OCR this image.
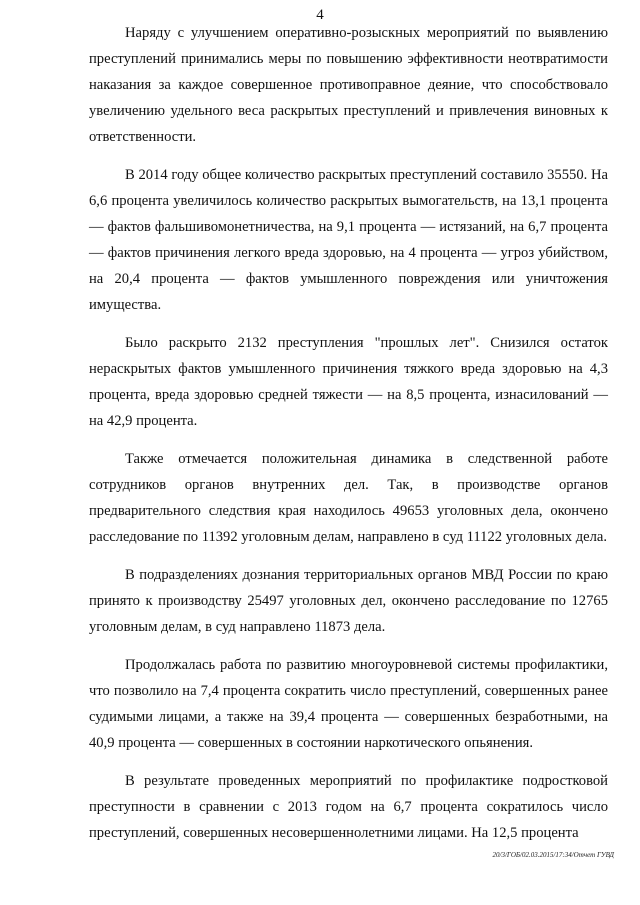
4

Наряду с улучшением оперативно-розыскных мероприятий по выявлению преступлений принимались меры по повышению эффективности неотвратимости наказания за каждое совершенное противоправное деяние, что способствовало увеличению удельного веса раскрытых преступлений и привлечения виновных к ответственности.

В 2014 году общее количество раскрытых преступлений составило 35550. На 6,6 процента увеличилось количество раскрытых вымогательств, на 13,1 процента — фактов фальшивомонетничества, на 9,1 процента — истязаний, на 6,7 процента — фактов причинения легкого вреда здоровью, на 4 процента — угроз убийством, на 20,4 процента — фактов умышленного повреждения или уничтожения имущества.

Было раскрыто 2132 преступления "прошлых лет". Снизился остаток нераскрытых фактов умышленного причинения тяжкого вреда здоровью на 4,3 процента, вреда здоровью средней тяжести — на 8,5 процента, изнасилований — на 42,9 процента.

Также отмечается положительная динамика в следственной работе сотрудников органов внутренних дел. Так, в производстве органов предварительного следствия края находилось 49653 уголовных дела, окончено расследование по 11392 уголовным делам, направлено в суд 11122 уголовных дела.

В подразделениях дознания территориальных органов МВД России по краю принято к производству 25497 уголовных дел, окончено расследование по 12765 уголовным делам, в суд направлено 11873 дела.

Продолжалась работа по развитию многоуровневой системы профилактики, что позволило на 7,4 процента сократить число преступлений, совершенных ранее судимыми лицами, а также на 39,4 процента — совершенных безработными, на 40,9 процента — совершенных в состоянии наркотического опьянения.

В результате проведенных мероприятий по профилактике подростковой преступности в сравнении с 2013 годом на 6,7 процента сократилось число преступлений, совершенных несовершеннолетними лицами. На 12,5 процента

20/3/ГОБ/02.03.2015/17:34/Отчет ГУВД
